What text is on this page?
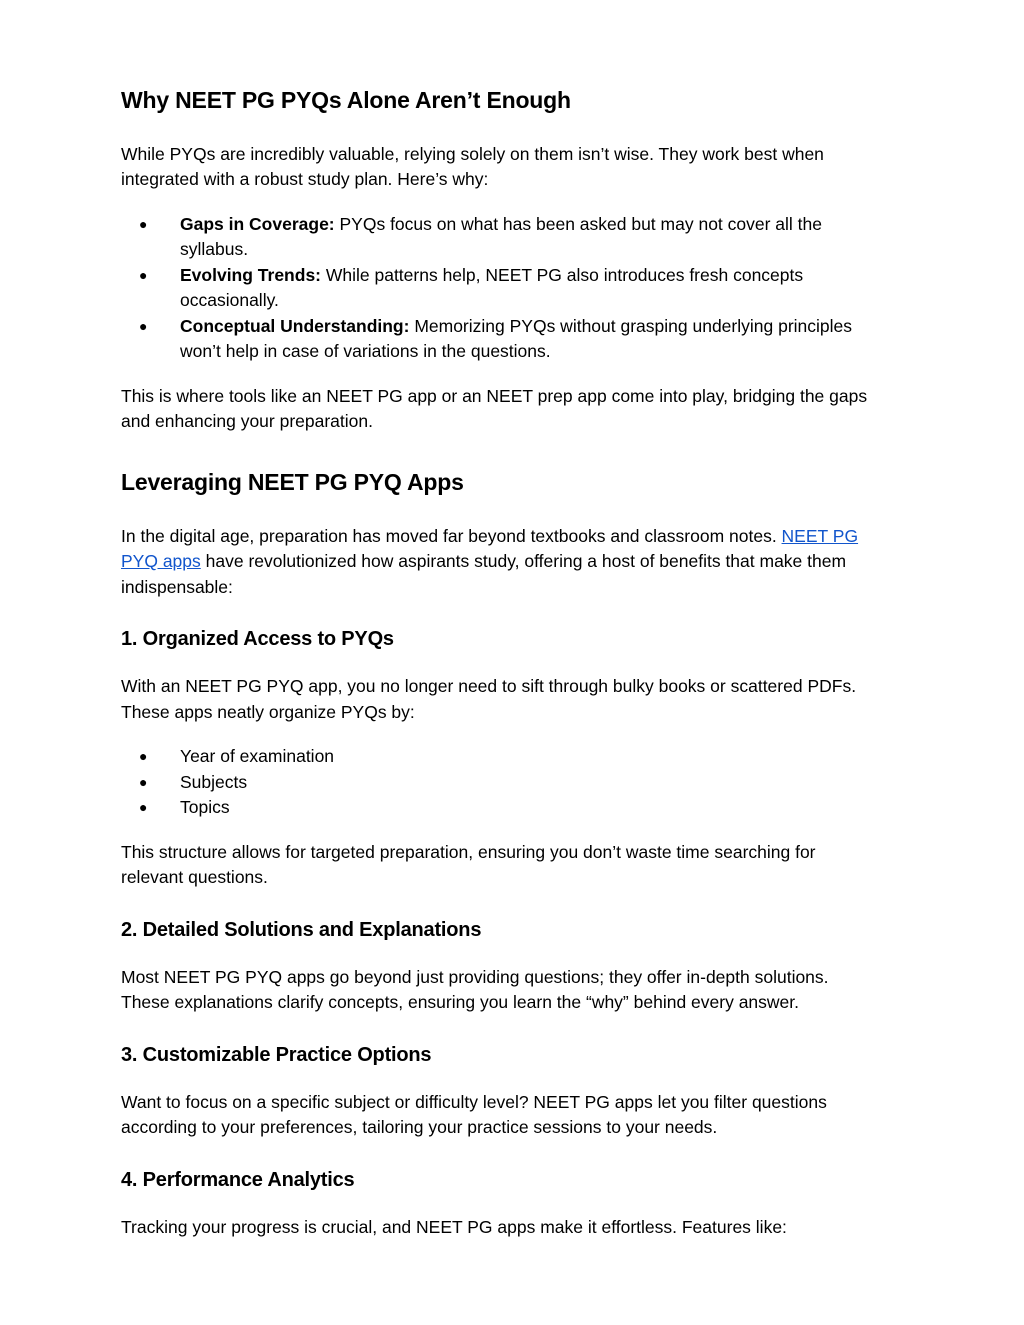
Why NEET PG PYQs Alone Aren’t Enough

While PYQs are incredibly valuable, relying solely on them isn’t wise. They work best when
integrated with a robust study plan. Here’s why:

● Gaps in Coverage: PYQs focus on what has been asked but may not cover all the
syllabus.
● Evolving Trends: While patterns help, NEET PG also introduces fresh concepts
occasionally.
● Conceptual Understanding: Memorizing PYQs without grasping underlying principles
won’t help in case of variations in the questions.

This is where tools like an NEET PG app or an NEET prep app come into play, bridging the gaps
and enhancing your preparation.

Leveraging NEET PG PYQ Apps

In the digital age, preparation has moved far beyond textbooks and classroom notes. NEET PG
PYQ apps have revolutionized how aspirants study, offering a host of benefits that make them
indispensable:

1. Organized Access to PYQs

With an NEET PG PYQ app, you no longer need to sift through bulky books or scattered PDFs.
These apps neatly organize PYQs by:

● Year of examination
● Subjects
● Topics

This structure allows for targeted preparation, ensuring you don’t waste time searching for
relevant questions.

2. Detailed Solutions and Explanations

Most NEET PG PYQ apps go beyond just providing questions; they offer in-depth solutions.
These explanations clarify concepts, ensuring you learn the “why” behind every answer.

3. Customizable Practice Options

Want to focus on a specific subject or difficulty level? NEET PG apps let you filter questions
according to your preferences, tailoring your practice sessions to your needs.

4. Performance Analytics

Tracking your progress is crucial, and NEET PG apps make it effortless. Features like:
